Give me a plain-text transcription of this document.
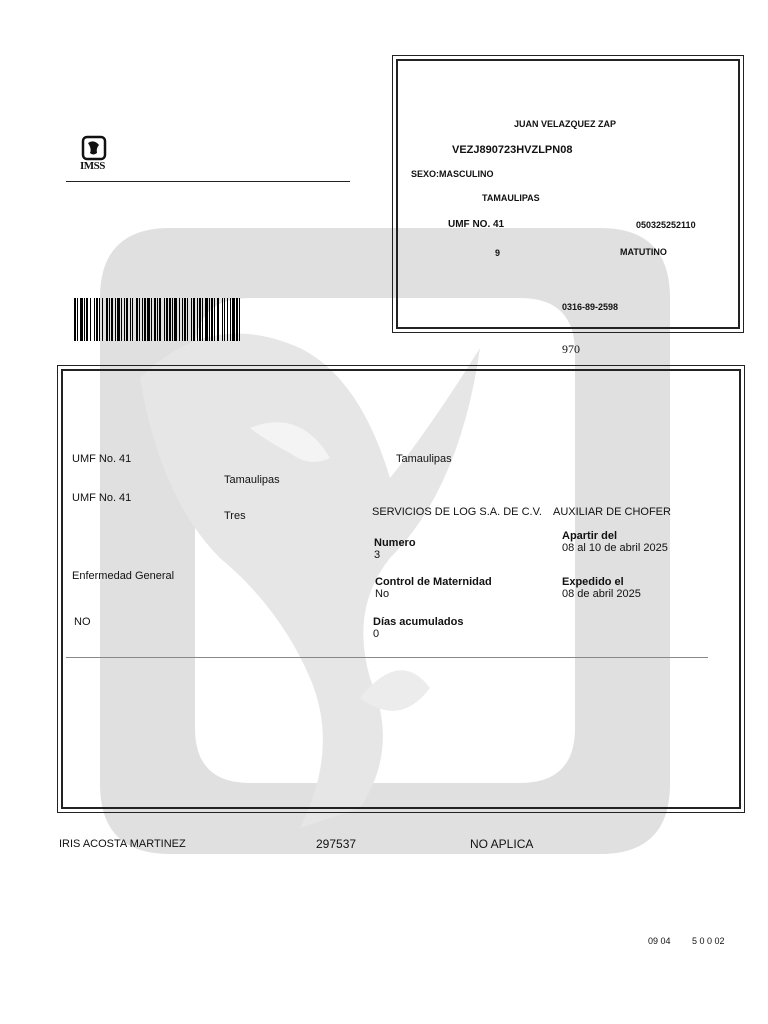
IMSS
JUAN VELAZQUEZ ZAP
VEZJ890723HVZLPN08
SEXO:MASCULINO
TAMAULIPAS
UMF NO. 41	050325252110
9	MATUTINO
0316-89-2598
970
UMF No. 41	Tamaulipas
Tamaulipas
UMF No. 41
Tres	SERVICIOS DE LOG S.A. DE C.V. AUXILIAR DE CHOFER
Numero
3
Apartir del
08 al 10 de abril 2025
Enfermedad General	Control de Maternidad
No
Expedido el
08 de abril 2025
NO	Días acumulados
0
IRIS ACOSTA MARTINEZ	297537	NO APLICA
09 04 5 0 0 02
